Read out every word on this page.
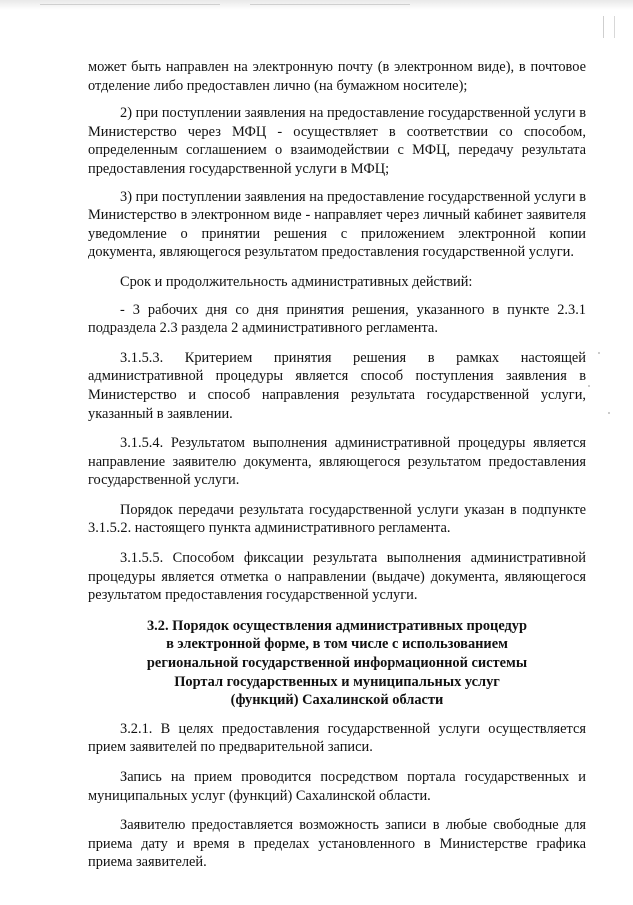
может быть направлен на электронную почту (в электронном виде), в почтовое отделение либо предоставлен лично (на бумажном носителе);

2) при поступлении заявления на предоставление государственной услуги в Министерство через МФЦ - осуществляет в соответствии со способом, определенным соглашением о взаимодействии с МФЦ, передачу результата предоставления государственной услуги в МФЦ;

3) при поступлении заявления на предоставление государственной услуги в Министерство в электронном виде - направляет через личный кабинет заявителя уведомление о принятии решения с приложением электронной копии документа, являющегося результатом предоставления государственной услуги.

Срок и продолжительность административных действий:

- 3 рабочих дня со дня принятия решения, указанного в пункте 2.3.1 подраздела 2.3 раздела 2 административного регламента.

3.1.5.3. Критерием принятия решения в рамках настоящей административной процедуры является способ поступления заявления в Министерство и способ направления результата государственной услуги, указанный в заявлении.

3.1.5.4. Результатом выполнения административной процедуры является направление заявителю документа, являющегося результатом предоставления государственной услуги.

Порядок передачи результата государственной услуги указан в подпункте 3.1.5.2. настоящего пункта административного регламента.

3.1.5.5. Способом фиксации результата выполнения административной процедуры является отметка о направлении (выдаче) документа, являющегося результатом предоставления государственной услуги.

3.2. Порядок осуществления административных процедур
в электронной форме, в том числе с использованием
региональной государственной информационной системы
Портал государственных и муниципальных услуг
(функций) Сахалинской области

3.2.1. В целях предоставления государственной услуги осуществляется прием заявителей по предварительной записи.

Запись на прием проводится посредством портала государственных и муниципальных услуг (функций) Сахалинской области.

Заявителю предоставляется возможность записи в любые свободные для приема дату и время в пределах установленного в Министерстве графика приема заявителей.
